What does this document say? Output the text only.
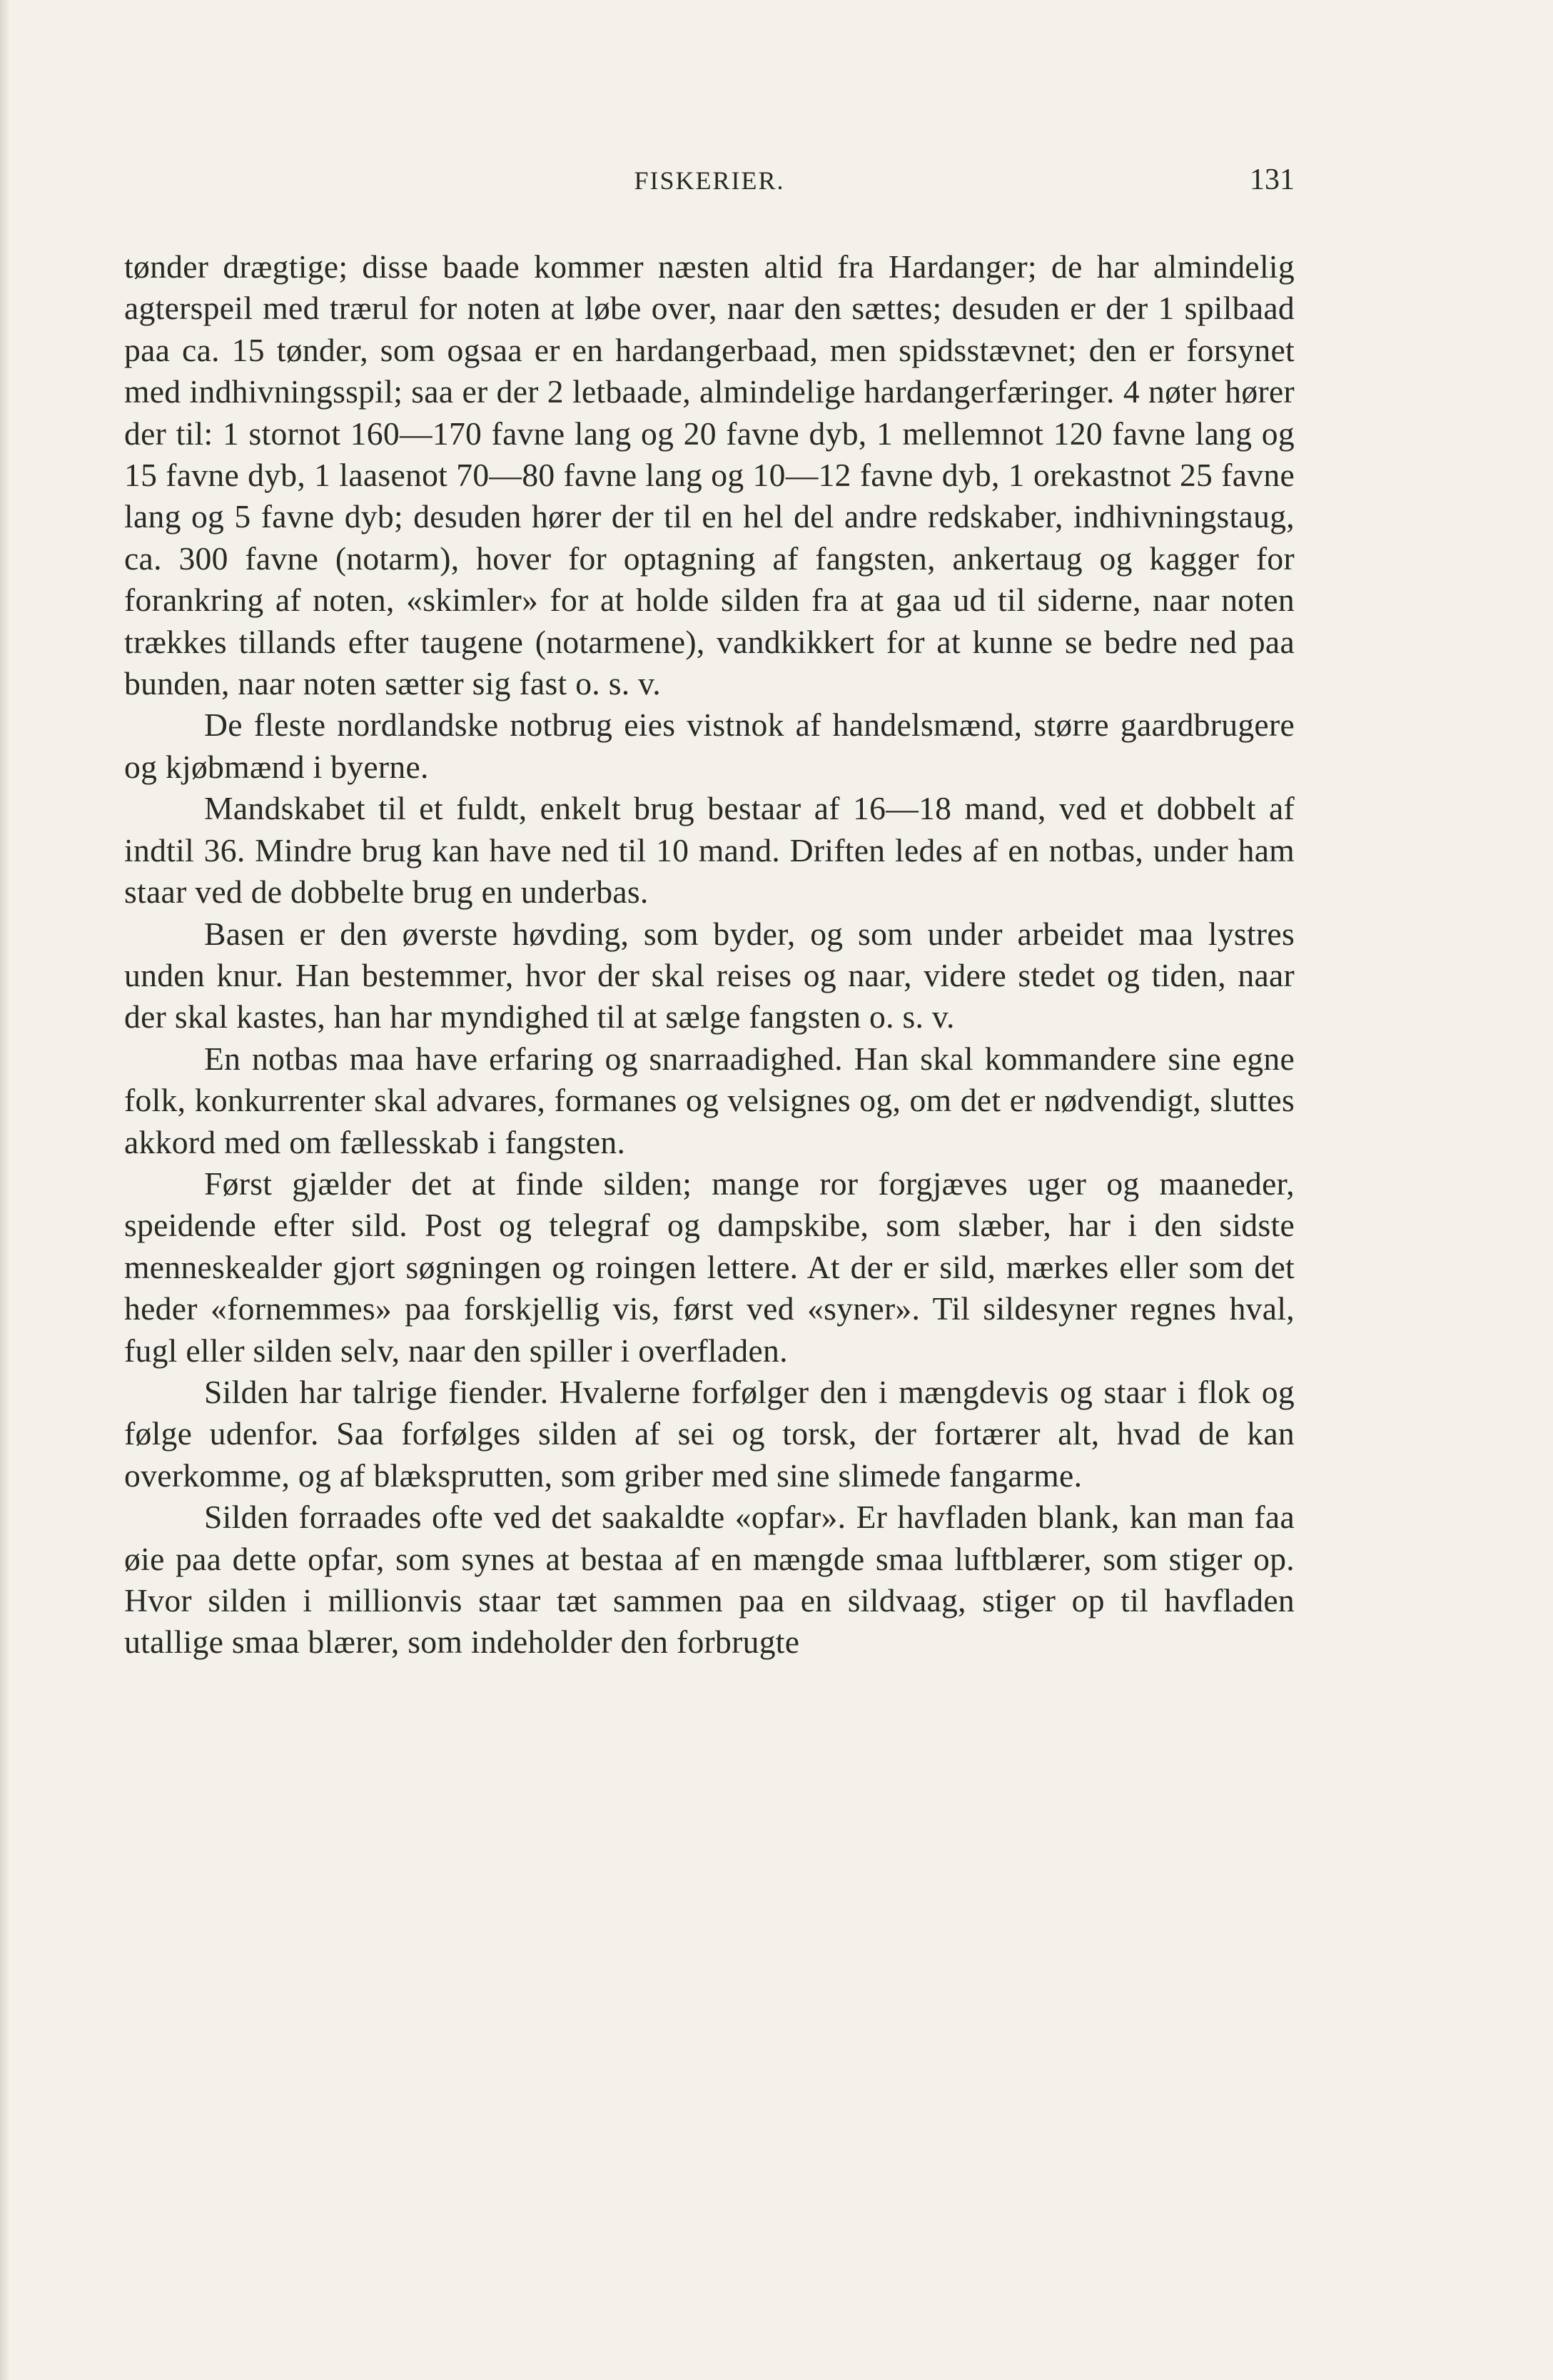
FISKERIER.	131

tønder drægtige; disse baade kommer næsten altid fra Hardanger; de har almindelig agterspeil med trærul for noten at løbe over, naar den sættes; desuden er der 1 spilbaad paa ca. 15 tønder, som ogsaa er en hardangerbaad, men spidsstævnet; den er forsynet med indhivningsspil; saa er der 2 letbaade, almindelige hardangerfæringer. 4 nøter hører der til: 1 stornot 160—170 favne lang og 20 favne dyb, 1 mellemnot 120 favne lang og 15 favne dyb, 1 laasenot 70—80 favne lang og 10—12 favne dyb, 1 orekastnot 25 favne lang og 5 favne dyb; desuden hører der til en hel del andre redskaber, indhivningstaug, ca. 300 favne (notarm), hover for optagning af fangsten, ankertaug og kagger for forankring af noten, «skimler» for at holde silden fra at gaa ud til siderne, naar noten trækkes tillands efter taugene (notarmene), vandkikkert for at kunne se bedre ned paa bunden, naar noten sætter sig fast o. s. v.

De fleste nordlandske notbrug eies vistnok af handelsmænd, større gaardbrugere og kjøbmænd i byerne.

Mandskabet til et fuldt, enkelt brug bestaar af 16—18 mand, ved et dobbelt af indtil 36. Mindre brug kan have ned til 10 mand. Driften ledes af en notbas, under ham staar ved de dobbelte brug en underbas.

Basen er den øverste høvding, som byder, og som under arbeidet maa lystres unden knur. Han bestemmer, hvor der skal reises og naar, videre stedet og tiden, naar der skal kastes, han har myndighed til at sælge fangsten o. s. v.

En notbas maa have erfaring og snarraadighed. Han skal kommandere sine egne folk, konkurrenter skal advares, formanes og velsignes og, om det er nødvendigt, sluttes akkord med om fællesskab i fangsten.

Først gjælder det at finde silden; mange ror forgjæves uger og maaneder, speidende efter sild. Post og telegraf og dampskibe, som slæber, har i den sidste menneskealder gjort søgningen og roingen lettere. At der er sild, mærkes eller som det heder «fornemmes» paa forskjellig vis, først ved «syner». Til sildesyner regnes hval, fugl eller silden selv, naar den spiller i overfladen.

Silden har talrige fiender. Hvalerne forfølger den i mængdevis og staar i flok og følge udenfor. Saa forfølges silden af sei og torsk, der fortærer alt, hvad de kan overkomme, og af blæksprutten, som griber med sine slimede fangarme.

Silden forraades ofte ved det saakaldte «opfar». Er havfladen blank, kan man faa øie paa dette opfar, som synes at bestaa af en mængde smaa luftblærer, som stiger op. Hvor silden i millionvis staar tæt sammen paa en sildvaag, stiger op til havfladen utallige smaa blærer, som indeholder den forbrugte
